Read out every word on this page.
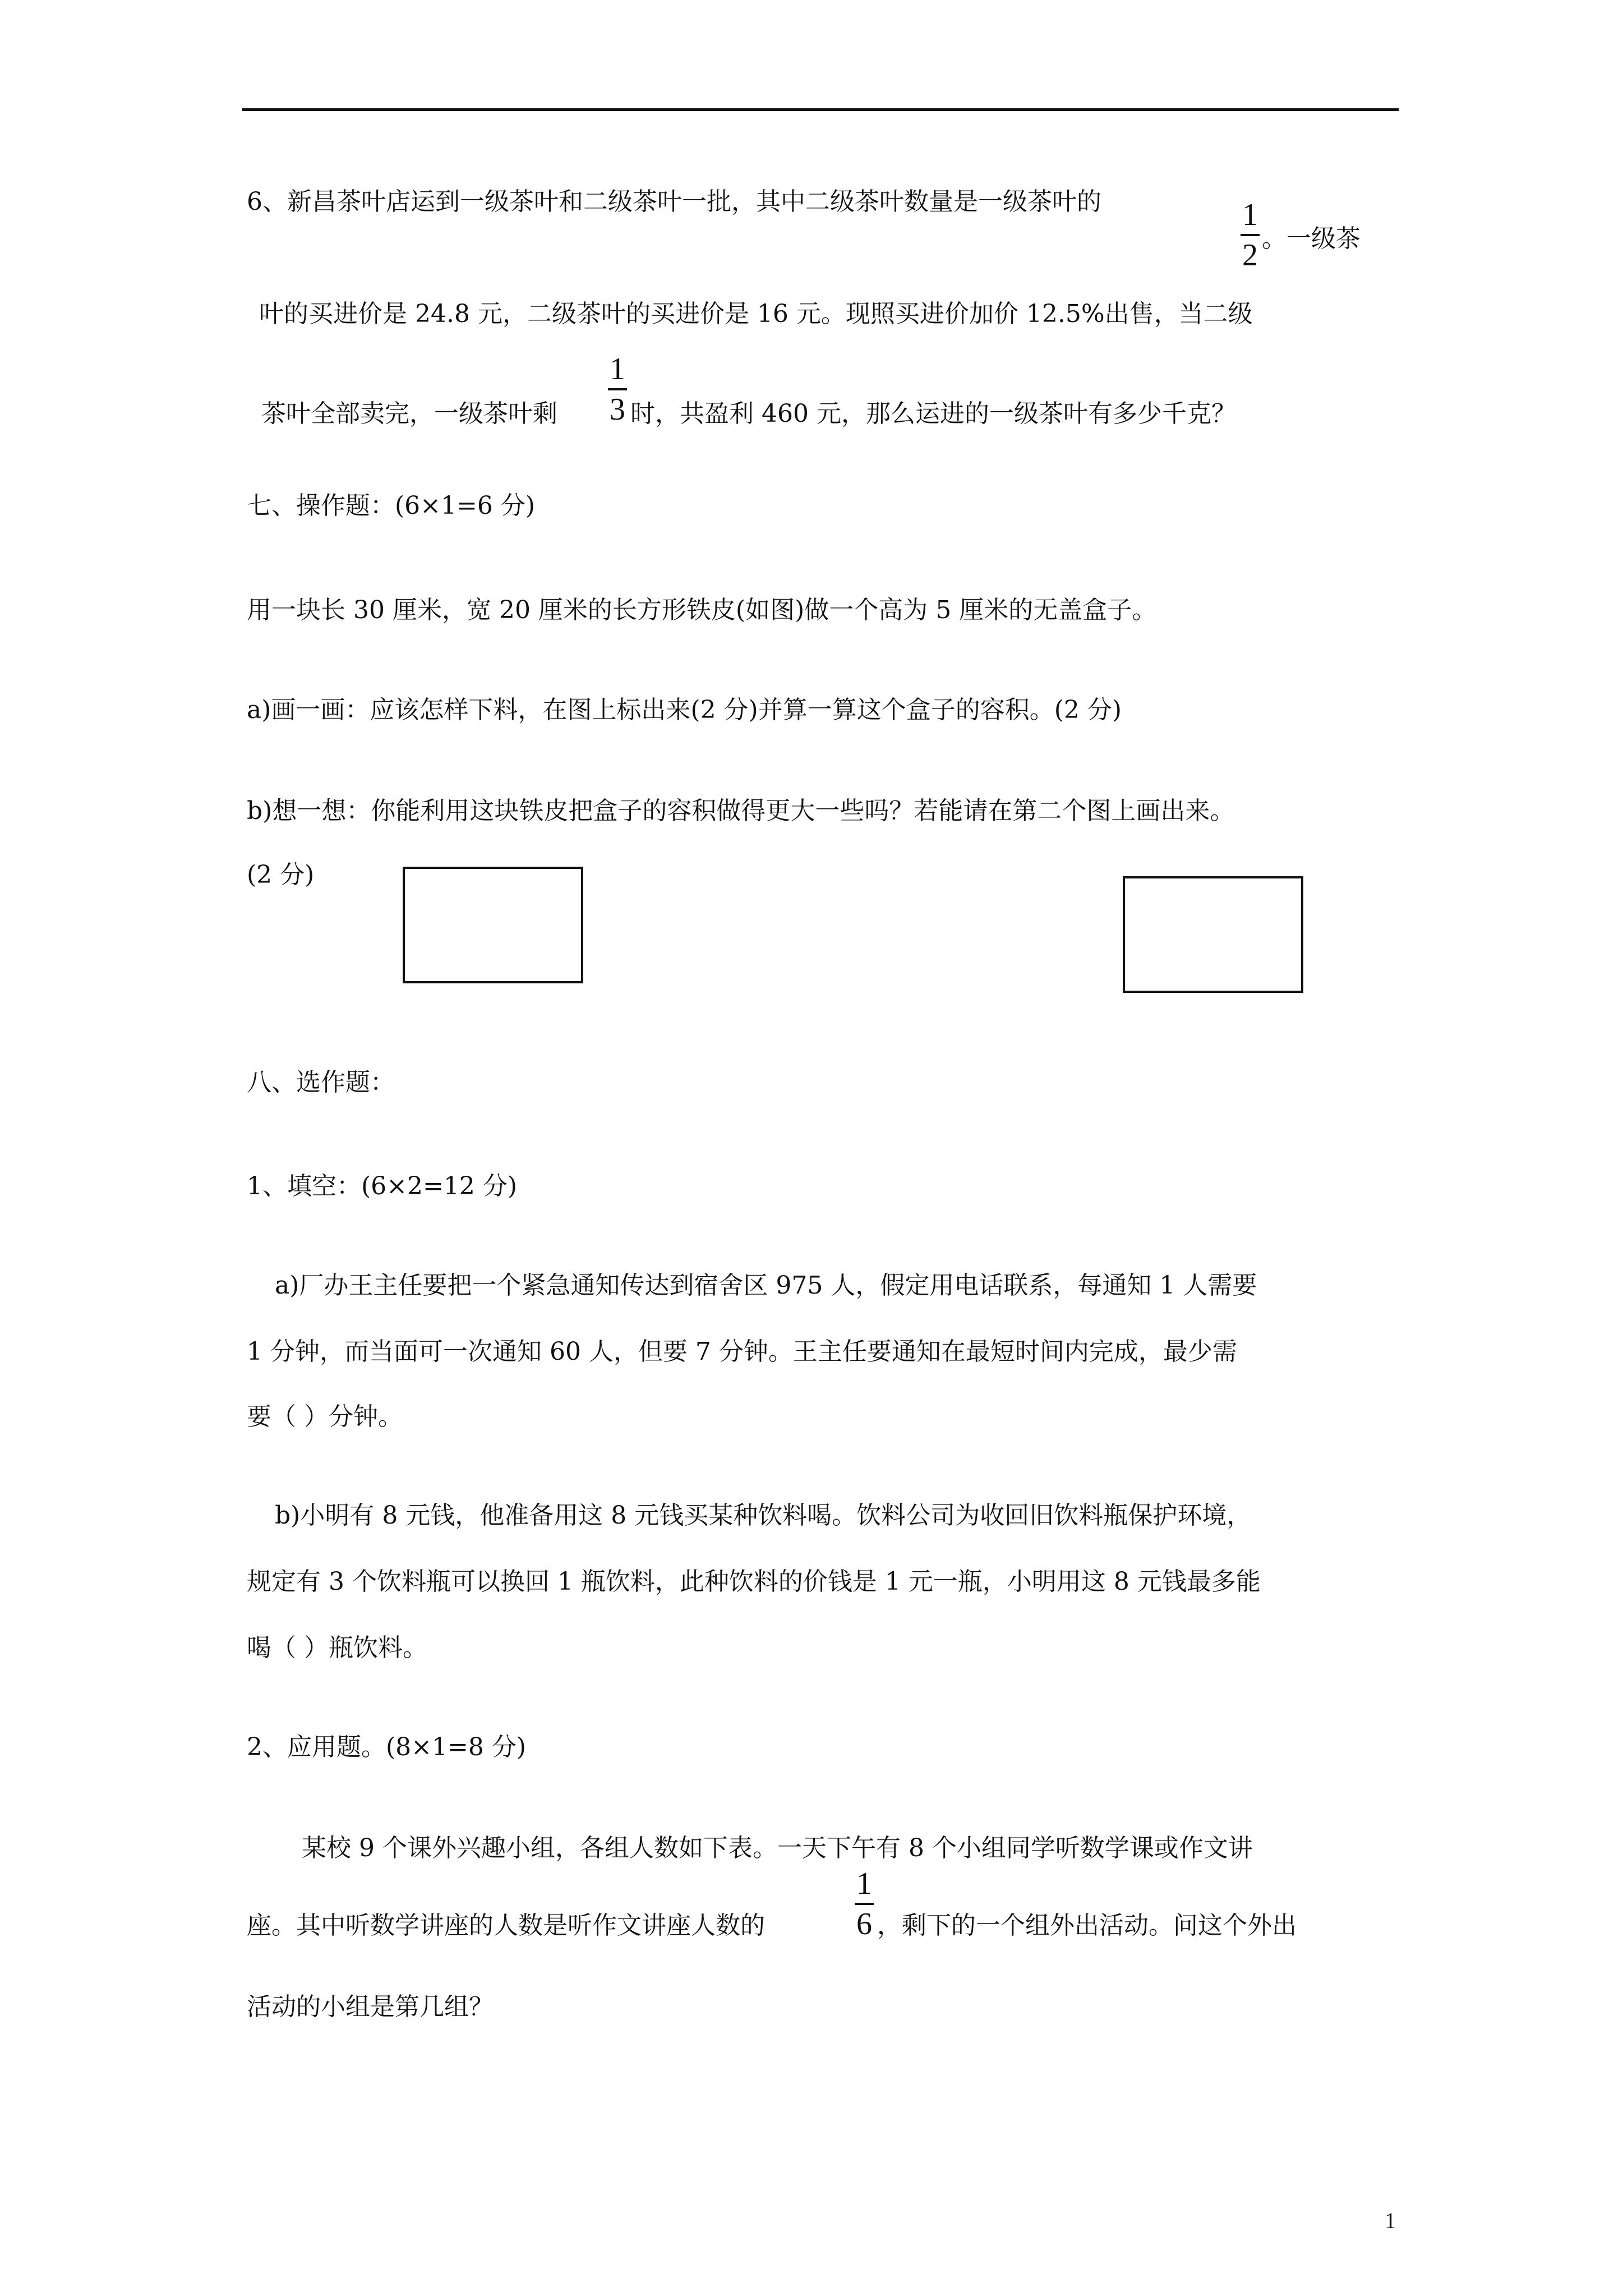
6、新昌茶叶店运到一级茶叶和二级茶叶一批，其中二级茶叶数量是一级茶叶的	1
2 。一级茶
叶的买进价是 24.8 元，二级茶叶的买进价是 16 元。现照买进价加价 12.5%出售，当二级
茶叶全部卖完，一级茶叶剩
1
3 时，共盈利 460 元，那么运进的一级茶叶有多少千克？
七、操作题：(6×1=6 分)
用一块长 30 厘米，宽 20 厘米的长方形铁皮(如图)做一个高为 5 厘米的无盖盒子。
a)画一画：应该怎样下料，在图上标出来(2 分)并算一算这个盒子的容积。(2 分)
b)想一想：你能利用这块铁皮把盒子的容积做得更大一些吗？若能请在第二个图上画出来。
(2 分)
八、选作题：
1、填空：(6×2=12 分)
a)厂办王主任要把一个紧急通知传达到宿舍区 975 人，假定用电话联系，每通知 1 人需要
1 分钟，而当面可一次通知 60 人，但要 7 分钟。王主任要通知在最短时间内完成，最少需
要（ ）分钟。
b)小明有 8 元钱，他准备用这 8 元钱买某种饮料喝。饮料公司为收回旧饮料瓶保护环境，
规定有 3 个饮料瓶可以换回 1 瓶饮料，此种饮料的价钱是 1 元一瓶，小明用这 8 元钱最多能
喝（ ）瓶饮料。
2、应用题。(8×1=8 分)
某校 9 个课外兴趣小组，各组人数如下表。一天下午有 8 个小组同学听数学课或作文讲
座。其中听数学讲座的人数是听作文讲座人数的
1
6 ，剩下的一个组外出活动。问这个外出
活动的小组是第几组？
1
